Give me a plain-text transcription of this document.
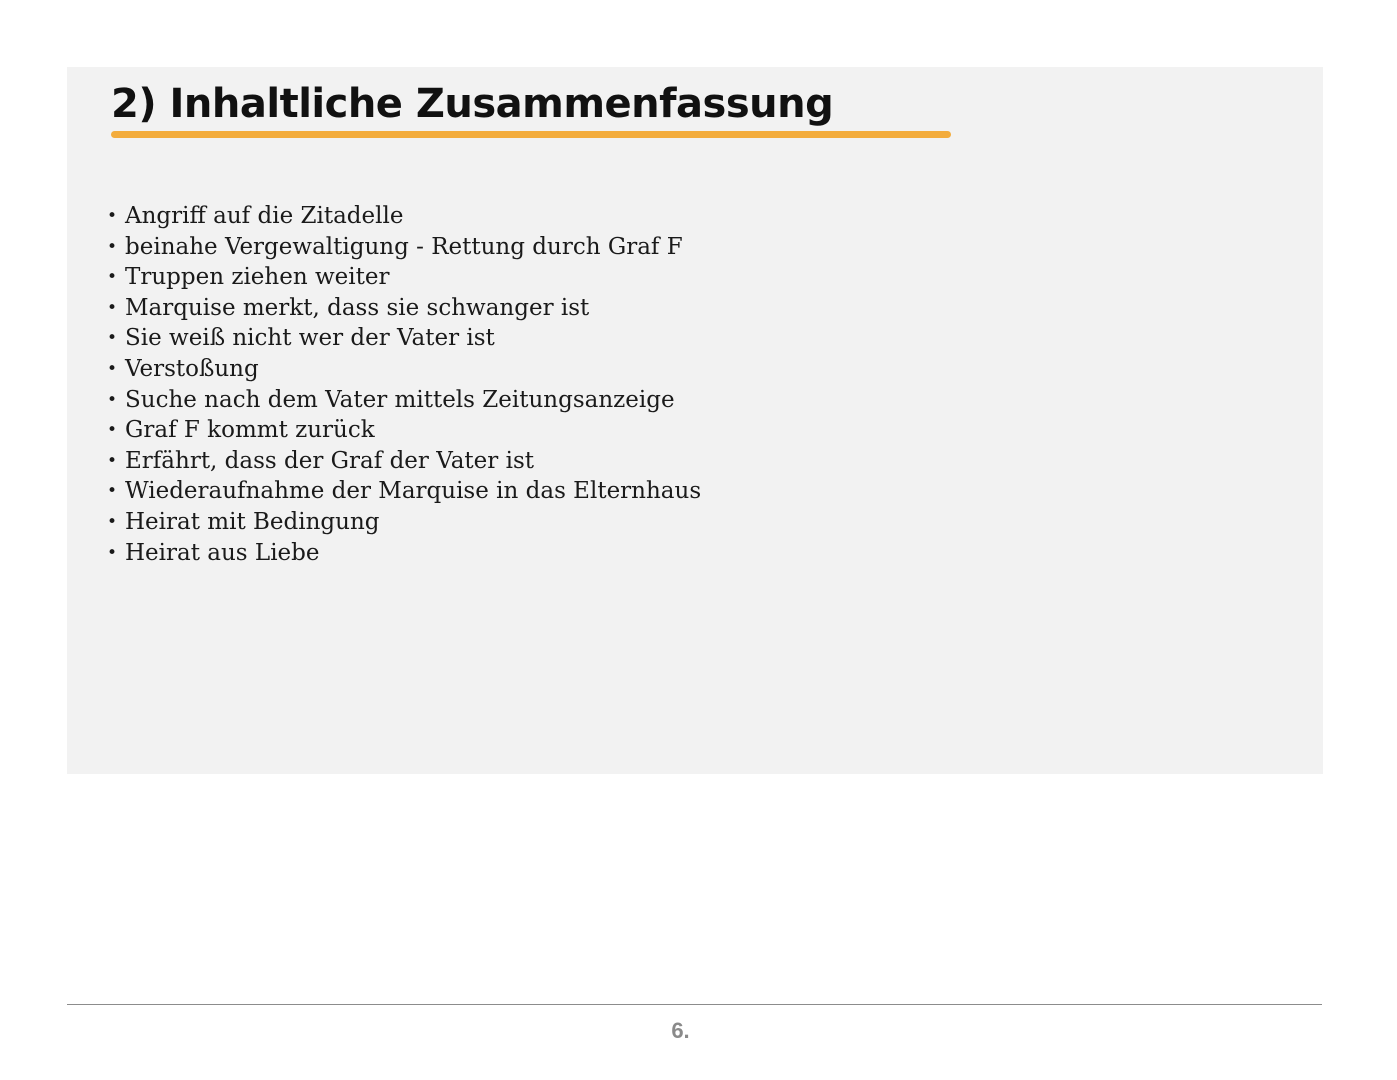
2) Inhaltliche Zusammenfassung
• Angriff auf die Zitadelle
• beinahe Vergewaltigung - Rettung durch Graf F
• Truppen ziehen weiter
• Marquise merkt, dass sie schwanger ist
• Sie weiß nicht wer der Vater ist
• Verstoßung
• Suche nach dem Vater mittels Zeitungsanzeige
• Graf F kommt zurück
• Erfährt, dass der Graf der Vater ist
• Wiederaufnahme der Marquise in das Elternhaus
• Heirat mit Bedingung
• Heirat aus Liebe
6.
